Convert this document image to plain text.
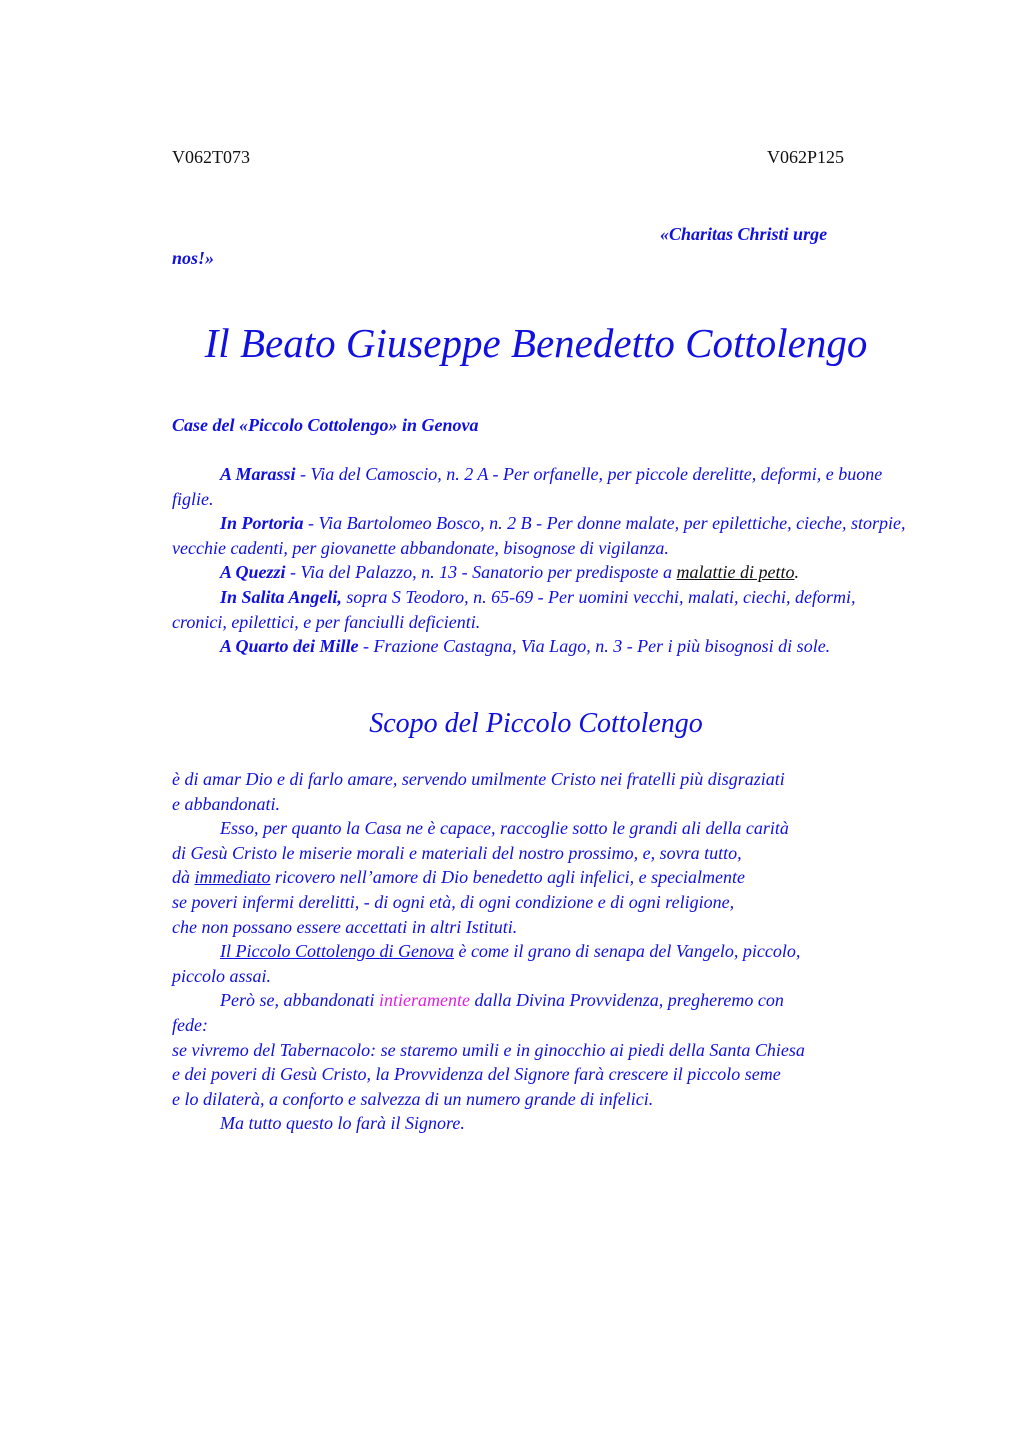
V062T073	V062P125
«Charitas Christi urge
nos!»
Il Beato Giuseppe Benedetto Cottolengo
Case del «Piccolo Cottolengo» in Genova

A Marassi - Via del Camoscio, n. 2 A - Per orfanelle, per piccole derelitte, deformi, e buone figlie.

In Portoria - Via Bartolomeo Bosco, n. 2 B - Per donne malate, per epilettiche, cieche, storpie, vecchie cadenti, per giovanette abbandonate, bisognose di vigilanza.

A Quezzi - Via del Palazzo, n. 13 - Sanatorio per predisposte a malattie di petto.

In Salita Angeli, sopra S Teodoro, n. 65-69 - Per uomini vecchi, malati, ciechi, deformi, cronici, epilettici, e per fanciulli deficienti.

A Quarto dei Mille - Frazione Castagna, Via Lago, n. 3 - Per i più bisognosi di sole.

Scopo del Piccolo Cottolengo
è di amar Dio e di farlo amare, servendo umilmente Cristo nei fratelli più disgraziati
e abbandonati.
Esso, per quanto la Casa ne è capace, raccoglie sotto le grandi ali della carità
di Gesù Cristo le miserie morali e materiali del nostro prossimo, e, sovra tutto,
dà immediato ricovero nell’amore di Dio benedetto agli infelici, e specialmente
se poveri infermi derelitti, - di ogni età, di ogni condizione e di ogni religione,
che non possano essere accettati in altri Istituti.
Il Piccolo Cottolengo di Genova è come il grano di senapa del Vangelo, piccolo,
piccolo assai.
Però se, abbandonati intieramente dalla Divina Provvidenza, pregheremo con
fede:
se vivremo del Tabernacolo: se staremo umili e in ginocchio ai piedi della Santa Chiesa
e dei poveri di Gesù Cristo, la Provvidenza del Signore farà crescere il piccolo seme
e lo dilaterà, a conforto e salvezza di un numero grande di infelici.
Ma tutto questo lo farà il Signore.
